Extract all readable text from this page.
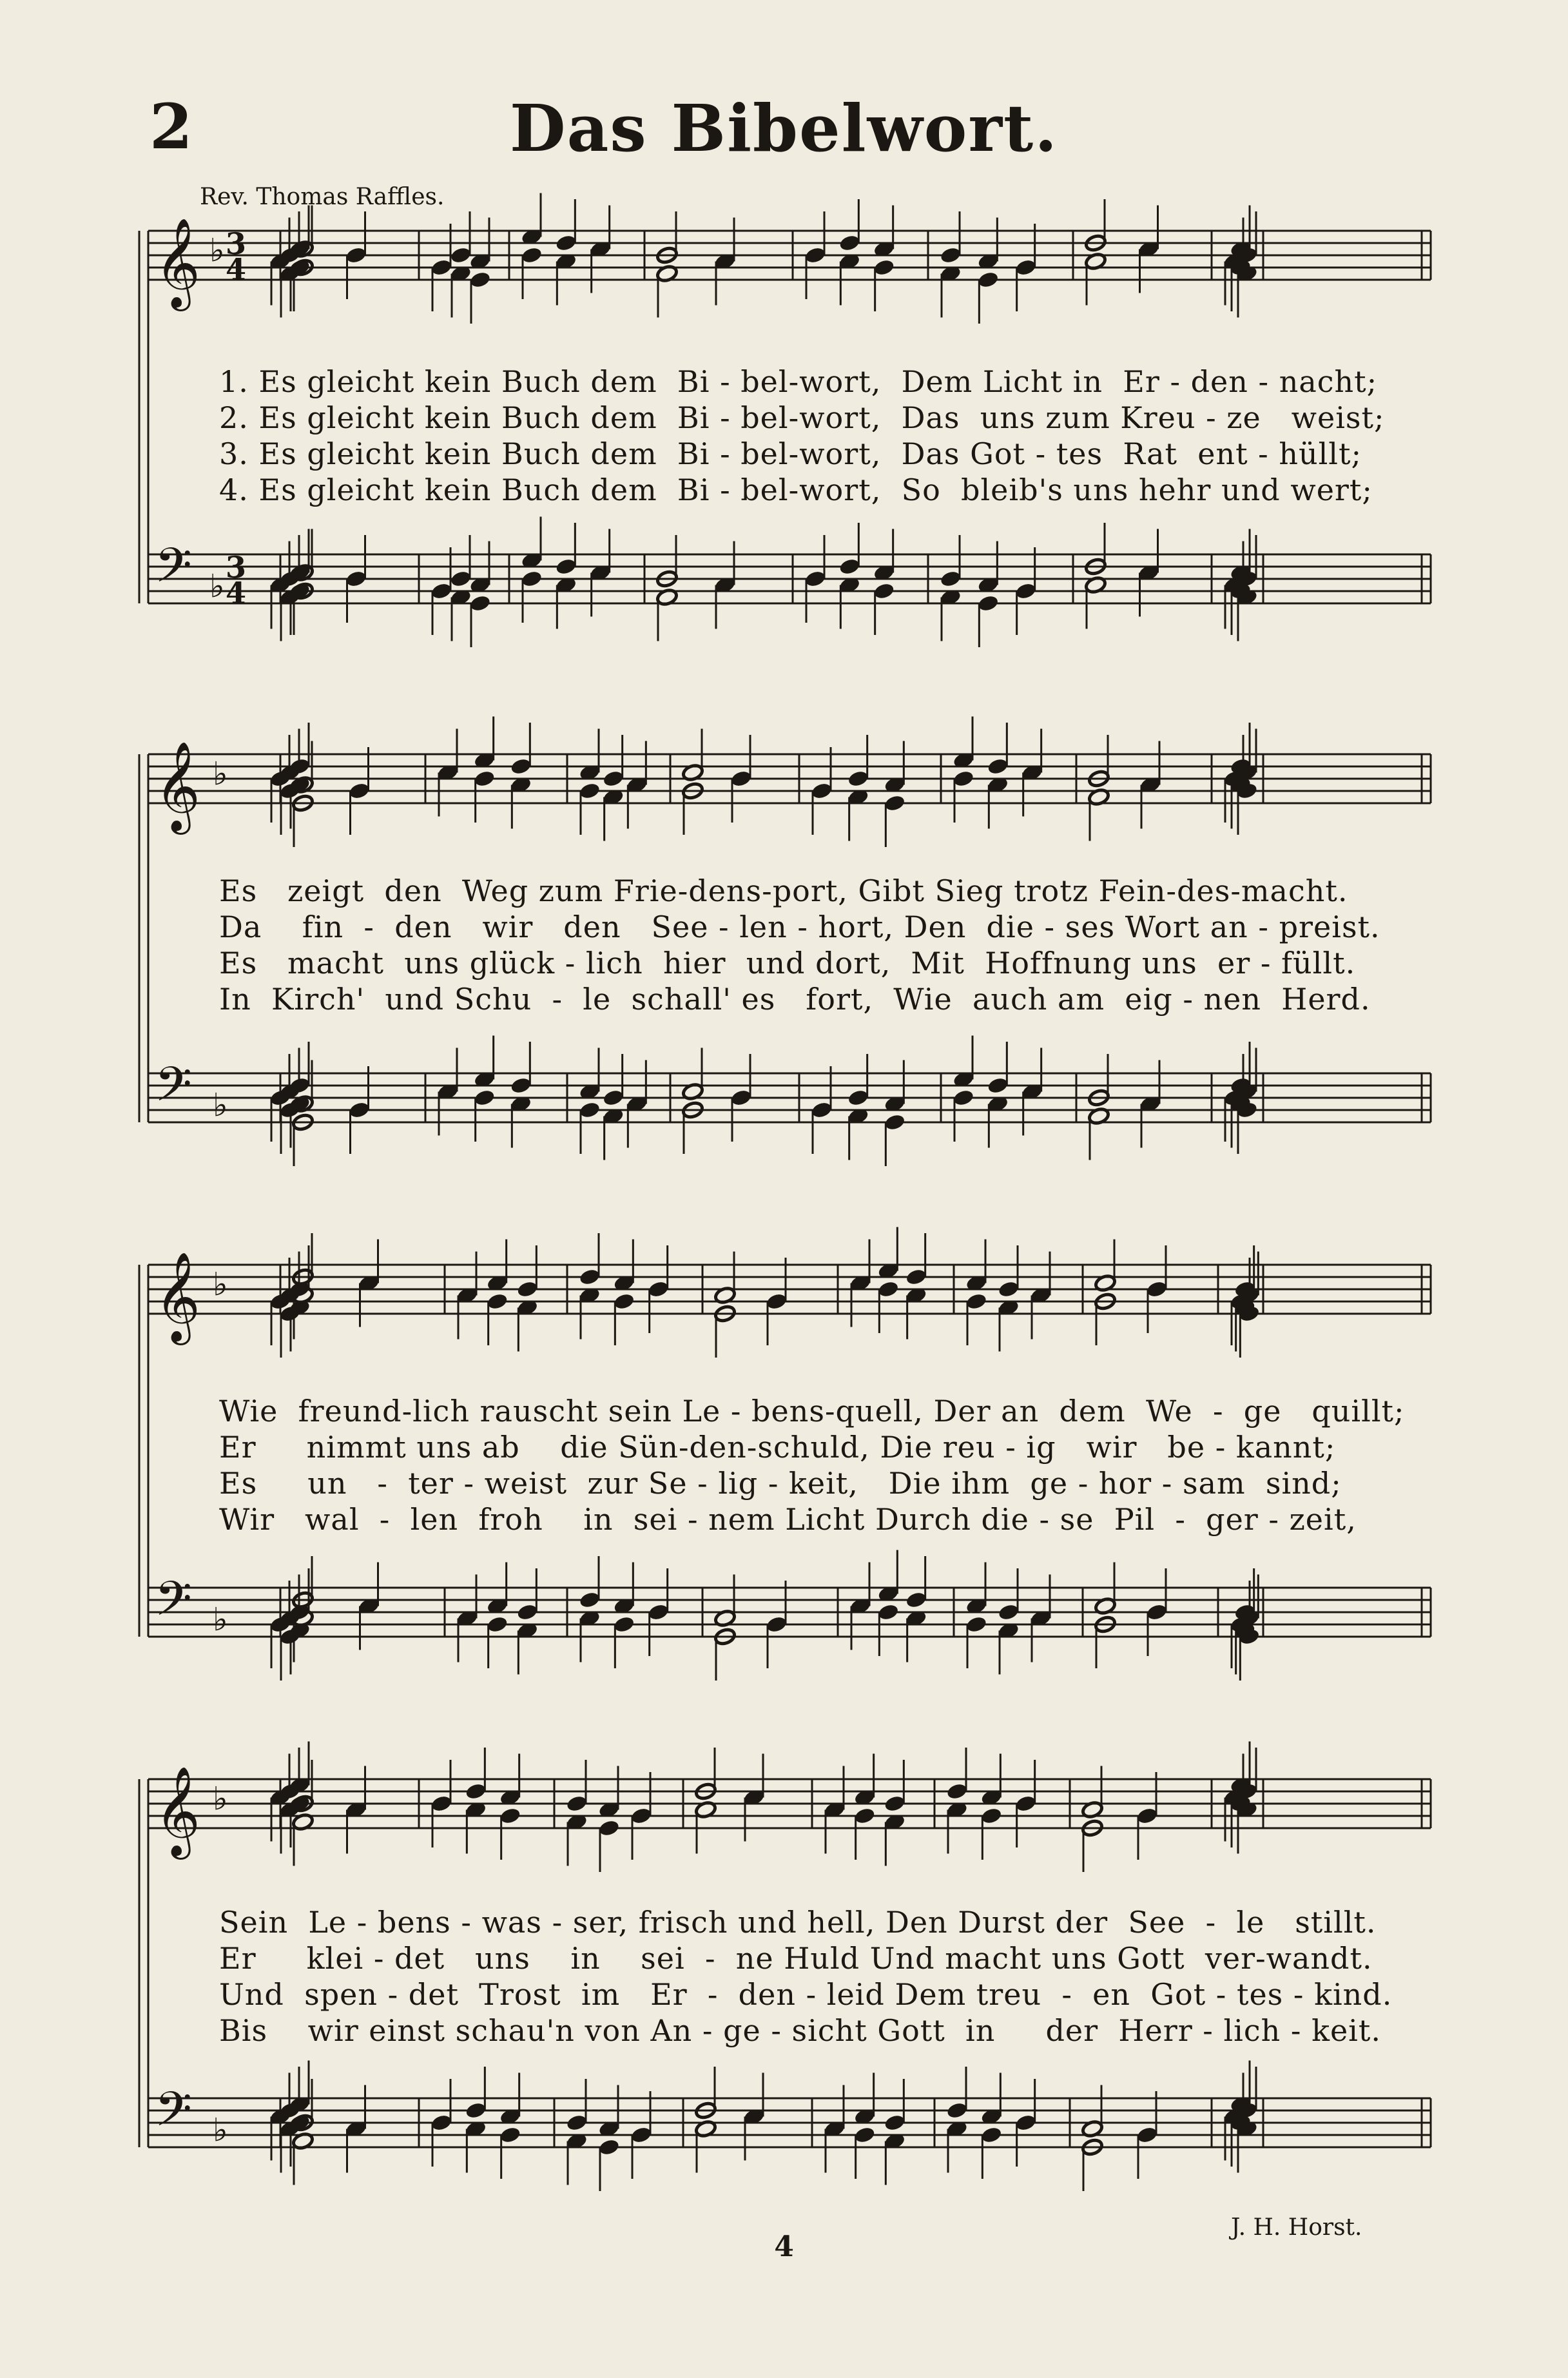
2	Das Bibelwort.
Rev. Thomas Raffles.
𝄞 3
4
♭
𝄢 3
4
♭
𝄞 ♭
𝄢 ♭
𝄞 ♭
𝄢 ♭
𝄞 ♭
𝄢 ♭
1. Es gleicht kein Buch dem  Bi - bel-wort,  Dem Licht in  Er - den - nacht;
2. Es gleicht kein Buch dem  Bi - bel-wort,  Das  uns zum Kreu - ze   weist;
3. Es gleicht kein Buch dem  Bi - bel-wort,  Das Got - tes  Rat  ent - hüllt;
4. Es gleicht kein Buch dem  Bi - bel-wort,  So  bleib's uns hehr und wert;
Es   zeigt  den  Weg zum Frie-dens-port, Gibt Sieg trotz Fein-des-macht.
Da    fin  -  den   wir   den   See - len - hort, Den  die - ses Wort an - preist.
Es   macht  uns glück - lich  hier  und dort,  Mit  Hoffnung uns  er - füllt.
In  Kirch'  und Schu  -  le  schall' es   fort,  Wie  auch am  eig - nen  Herd.
Wie  freund-lich rauscht sein Le - bens-quell, Der an  dem  We  -  ge   quillt;
Er     nimmt uns ab    die Sün-den-schuld, Die reu - ig   wir   be - kannt;
Es     un   -  ter - weist  zur Se - lig - keit,   Die ihm  ge - hor - sam  sind;
Wir   wal  -  len  froh    in  sei - nem Licht Durch die - se  Pil  -  ger - zeit,
Sein  Le - bens - was - ser, frisch und hell, Den Durst der  See  -  le   stillt.
Er     klei - det   uns    in    sei  -  ne Huld Und macht uns Gott  ver-wandt.
Und  spen - det  Trost  im   Er  -  den - leid Dem treu  -  en  Got - tes - kind.
Bis    wir einst schau'n von An - ge - sicht Gott  in     der  Herr - lich - keit.
J. H. Horst.
4
